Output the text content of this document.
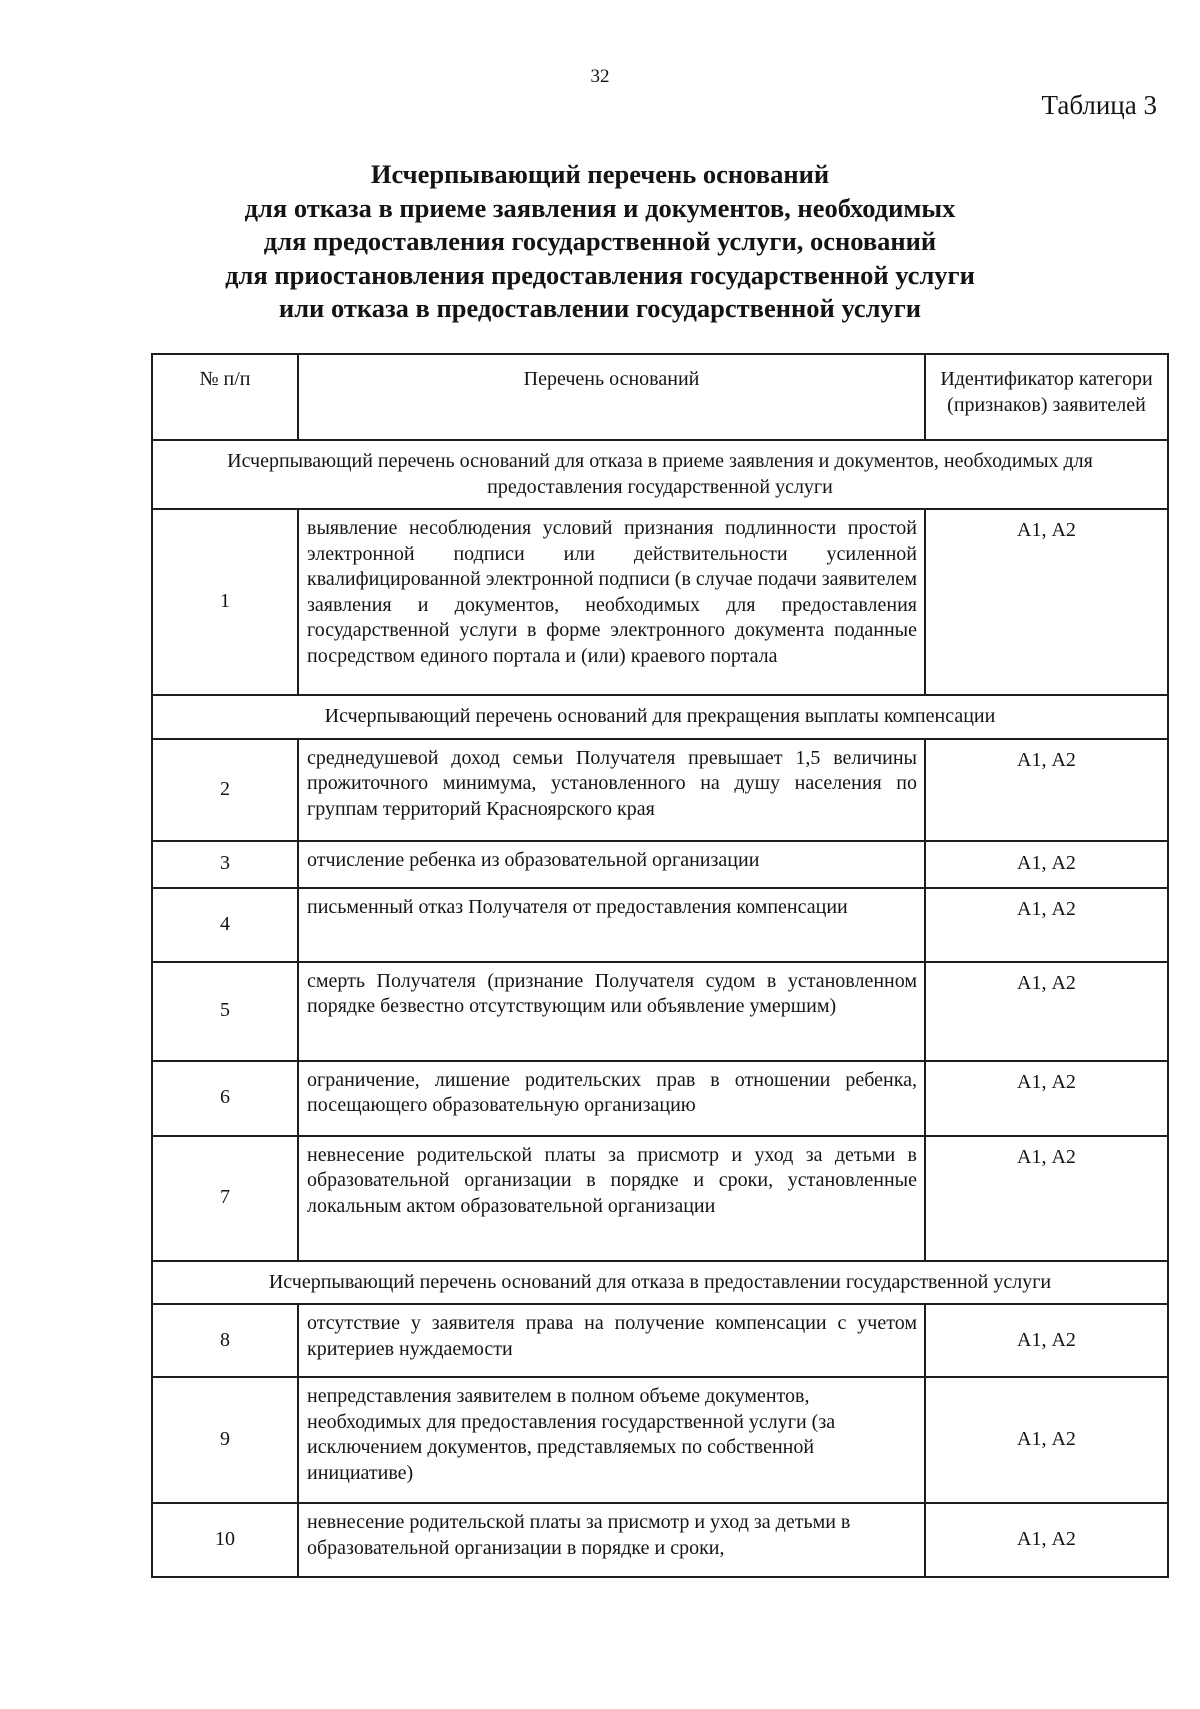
32
Таблица 3
Исчерпывающий перечень оснований
для отказа в приеме заявления и документов, необходимых
для предоставления государственной услуги, оснований
для приостановления предоставления государственной услуги
или отказа в предоставлении государственной услуги
№ п/п	Перечень оснований	Идентификатор категори
(признаков) заявителей

Исчерпывающий перечень оснований для отказа в приеме заявления и документов, необходимых для предоставления государственной услуги		
1	выявление несоблюдения условий признания подлинности простой электронной подписи или действительности усиленной квалифицированной электронной подписи (в случае подачи заявителем заявления и документов, необходимых для предоставления государственной услуги в форме электронного документа поданные посредством единого портала и (или) краевого портала	А1, А2
Исчерпывающий перечень оснований для прекращения выплаты компенсации		
2	среднедушевой доход семьи Получателя превышает 1,5 величины прожиточного минимума, установленного на душу населения по группам территорий Красноярского края	А1, А2
3	отчисление ребенка из образовательной организации	А1, А2
4	письменный отказ Получателя от предоставления компенсации	А1, А2
5	смерть Получателя (признание Получателя судом в установленном порядке безвестно отсутствующим или объявление умершим)	А1, А2
6	ограничение, лишение родительских прав в отношении ребенка, посещающего образовательную организацию	А1, А2
7	невнесение родительской платы за присмотр и уход за детьми в образовательной организации в порядке и сроки, установленные локальным актом образовательной организации	А1, А2
Исчерпывающий перечень оснований для отказа в предоставлении государственной услуги		
8	отсутствие у заявителя права на получение компенсации с учетом критериев нуждаемости	А1, А2
9	непредставления заявителем в полном объеме документов, необходимых для предоставления государственной услуги (за исключением документов, представляемых по собственной инициативе)	А1, А2
10	невнесение родительской платы за присмотр и уход за детьми в образовательной организации в порядке и сроки,	А1, А2
